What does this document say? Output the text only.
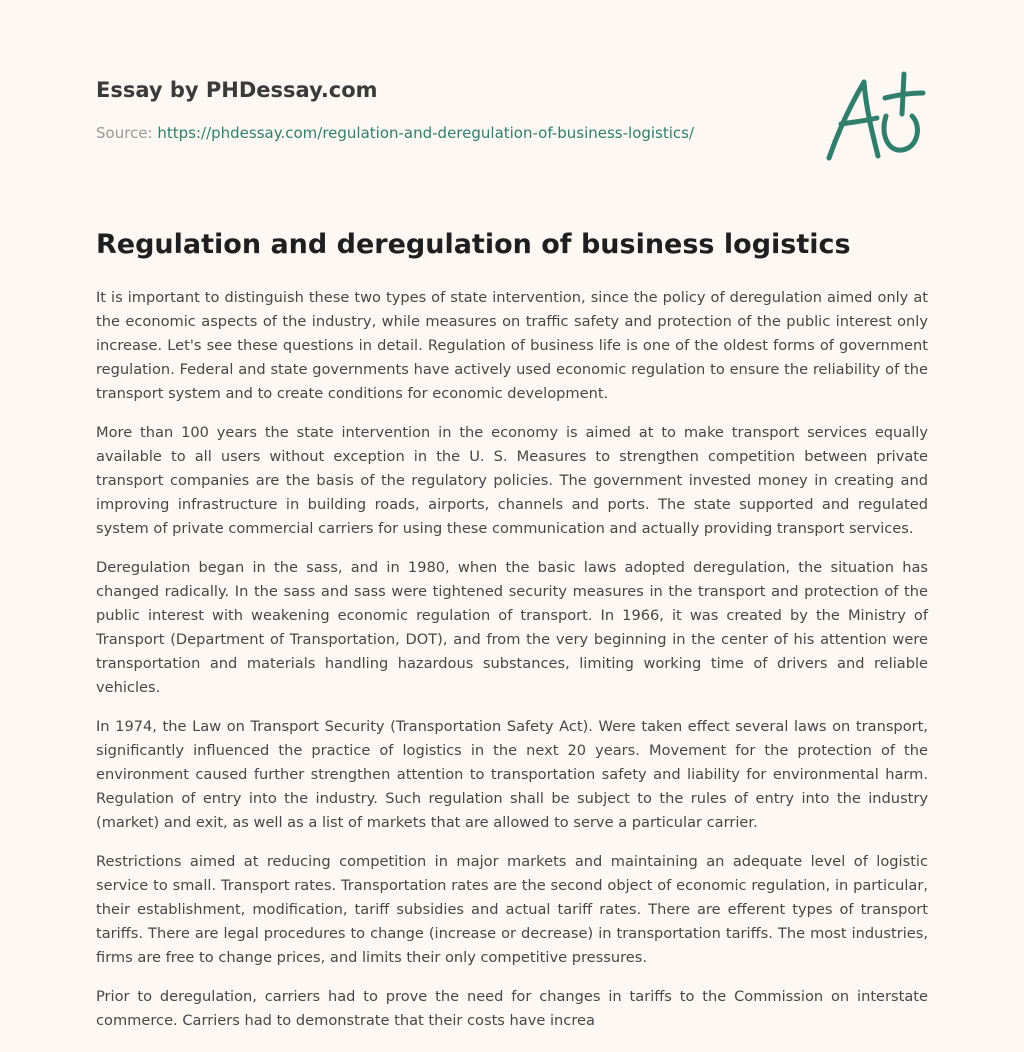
Essay by PHDessay.com

Source: https://phdessay.com/regulation-and-deregulation-of-business-logistics/

Regulation and deregulation of business logistics

It is important to distinguish these two types of state intervention, since the policy of deregulation aimed only at the economic aspects of the industry, while measures on traffic safety and protection of the public interest only increase. Let's see these questions in detail. Regulation of business life is one of the oldest forms of government regulation. Federal and state governments have actively used economic regulation to ensure the reliability of the transport system and to create conditions for economic development.

More than 100 years the state intervention in the economy is aimed at to make transport services equally available to all users without exception in the U. S. Measures to strengthen competition between private transport companies are the basis of the regulatory policies. The government invested money in creating and improving infrastructure in building roads, airports, channels and ports. The state supported and regulated system of private commercial carriers for using these communication and actually providing transport services.

Deregulation began in the sass, and in 1980, when the basic laws adopted deregulation, the situation has changed radically. In the sass and sass were tightened security measures in the transport and protection of the public interest with weakening economic regulation of transport. In 1966, it was created by the Ministry of Transport (Department of Transportation, DOT), and from the very beginning in the center of his attention were transportation and materials handling hazardous substances, limiting working time of drivers and reliable vehicles.

In 1974, the Law on Transport Security (Transportation Safety Act). Were taken effect several laws on transport, significantly influenced the practice of logistics in the next 20 years. Movement for the protection of the environment caused further strengthen attention to transportation safety and liability for environmental harm. Regulation of entry into the industry. Such regulation shall be subject to the rules of entry into the industry (market) and exit, as well as a list of markets that are allowed to serve a particular carrier.

Restrictions aimed at reducing competition in major markets and maintaining an adequate level of logistic service to small. Transport rates. Transportation rates are the second object of economic regulation, in particular, their establishment, modification, tariff subsidies and actual tariff rates. There are efferent types of transport tariffs. There are legal procedures to change (increase or decrease) in transportation tariffs. The most industries, firms are free to change prices, and limits their only competitive pressures.

Prior to deregulation, carriers had to prove the need for changes in tariffs to the Commission on interstate commerce. Carriers had to demonstrate that their costs have increa
